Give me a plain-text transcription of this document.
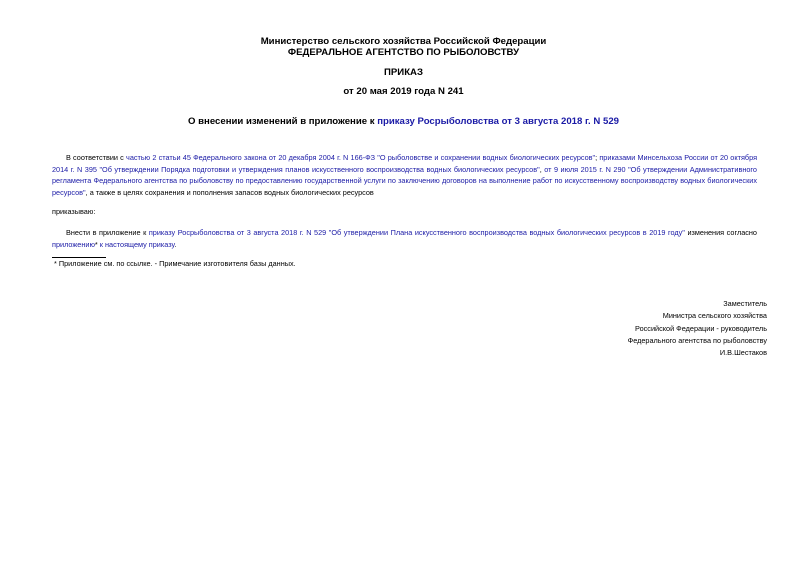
Министерство сельского хозяйства Российской Федерации
ФЕДЕРАЛЬНОЕ АГЕНТСТВО ПО РЫБОЛОВСТВУ
ПРИКАЗ
от 20 мая 2019 года N 241
О внесении изменений в приложение к приказу Росрыболовства от 3 августа 2018 г. N 529
В соответствии с частью 2 статьи 45 Федерального закона от 20 декабря 2004 г. N 166-ФЗ "О рыболовстве и сохранении водных биологических ресурсов"; приказами Минсельхоза России от 20 октября 2014 г. N 395 "Об утверждении Порядка подготовки и утверждения планов искусственного воспроизводства водных биологических ресурсов", от 9 июля 2015 г. N 290 "Об утверждении Административного регламента Федерального агентства по рыболовству по предоставлению государственной услуги по заключению договоров на выполнение работ по искусственному воспроизводству водных биологических ресурсов", а также в целях сохранения и пополнения запасов водных биологических ресурсов
приказываю:
Внести в приложение к приказу Росрыболовства от 3 августа 2018 г. N 529 "Об утверждении Плана искусственного воспроизводства водных биологических ресурсов в 2019 году" изменения согласно приложению* к настоящему приказу.
* Приложение см. по ссылке. - Примечание изготовителя базы данных.
Заместитель
Министра сельского хозяйства
Российской Федерации - руководитель
Федерального агентства по рыболовству
И.В.Шестаков
